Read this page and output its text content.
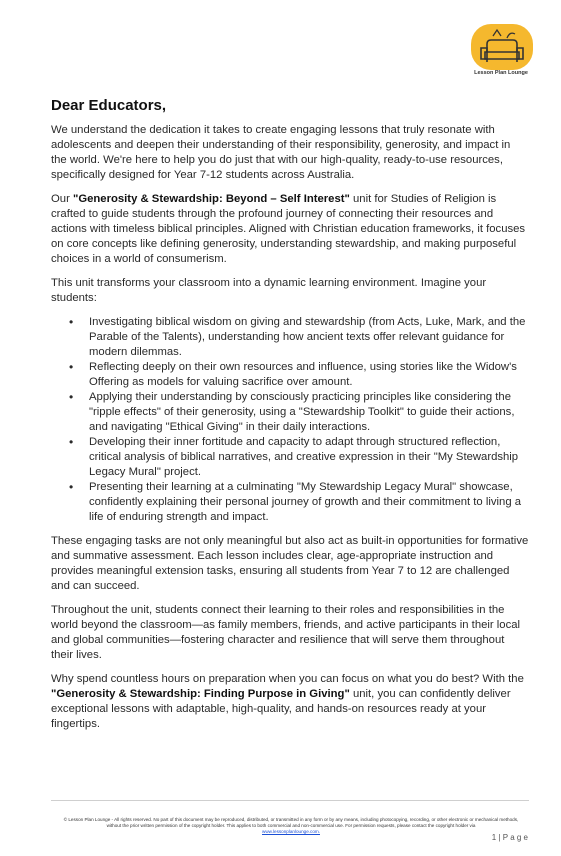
Lesson Plan Lounge
Dear Educators,

We understand the dedication it takes to create engaging lessons that truly resonate with adolescents and deepen their understanding of their responsibility, generosity, and impact in the world. We're here to help you do just that with our high-quality, ready-to-use resources, specifically designed for Year 7-12 students across Australia.

Our "Generosity & Stewardship: Beyond – Self Interest" unit for Studies of Religion is crafted to guide students through the profound journey of connecting their resources and actions with timeless biblical principles. Aligned with Christian education frameworks, it focuses on core concepts like defining generosity, understanding stewardship, and making purposeful choices in a world of consumerism.

This unit transforms your classroom into a dynamic learning environment. Imagine your students:

• Investigating biblical wisdom on giving and stewardship (from Acts, Luke, Mark, and the Parable of the Talents), understanding how ancient texts offer relevant guidance for modern dilemmas.
• Reflecting deeply on their own resources and influence, using stories like the Widow's Offering as models for valuing sacrifice over amount.
• Applying their understanding by consciously practicing principles like considering the "ripple effects" of their generosity, using a "Stewardship Toolkit" to guide their actions, and navigating "Ethical Giving" in their daily interactions.
• Developing their inner fortitude and capacity to adapt through structured reflection, critical analysis of biblical narratives, and creative expression in their "My Stewardship Legacy Mural" project.
• Presenting their learning at a culminating "My Stewardship Legacy Mural" showcase, confidently explaining their personal journey of growth and their commitment to living a life of enduring strength and impact.

These engaging tasks are not only meaningful but also act as built-in opportunities for formative and summative assessment. Each lesson includes clear, age-appropriate instruction and provides meaningful extension tasks, ensuring all students from Year 7 to 12 are challenged and can succeed.

Throughout the unit, students connect their learning to their roles and responsibilities in the world beyond the classroom—as family members, friends, and active participants in their local and global communities—fostering character and resilience that will serve them throughout their lives.

Why spend countless hours on preparation when you can focus on what you do best? With the "Generosity & Stewardship: Finding Purpose in Giving" unit, you can confidently deliver exceptional lessons with adaptable, high-quality, and hands-on resources ready at your fingertips.

© Lesson Plan Lounge - All rights reserved. No part of this document may be reproduced, distributed, or transmitted in any form or by any means, including photocopying, recording, or other electronic or mechanical methods, without the prior written permission of the copyright holder. This applies to both commercial and non-commercial use. For permission requests, please contact the copyright holder via
www.lessonplanlounge.com.
1 | P a g e
